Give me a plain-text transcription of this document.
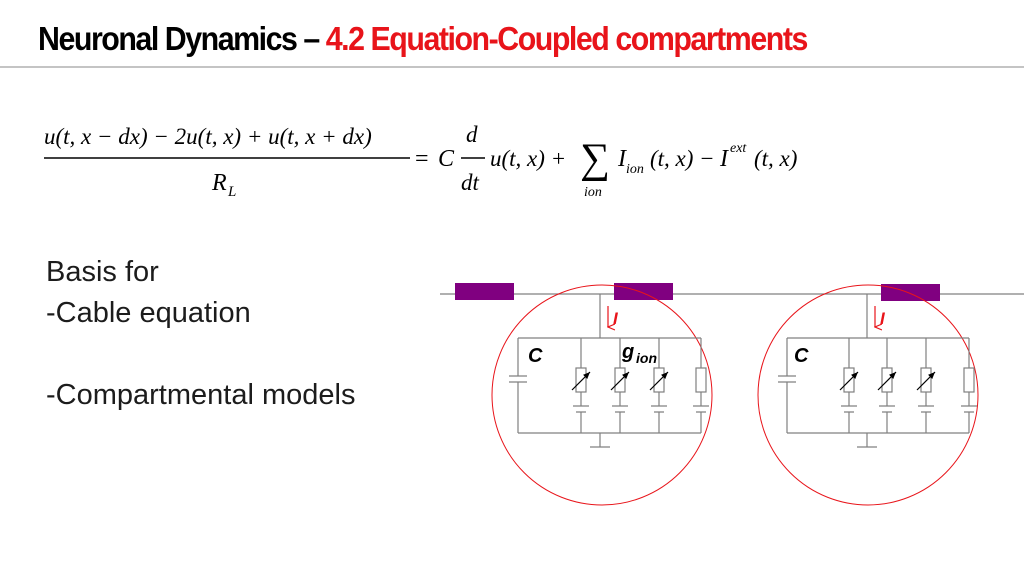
Neuronal Dynamics – 4.2 Equation-Coupled compartments
u(t, x − dx) − 2u(t, x) + u(t, x + dx)
R L
= C
d
dt
u(t, x) + ∑
ion
I ion (t, x) − I ext (t, x)
Basis for
-Cable equation

-Compartmental models
I
C	g ion
I
C
